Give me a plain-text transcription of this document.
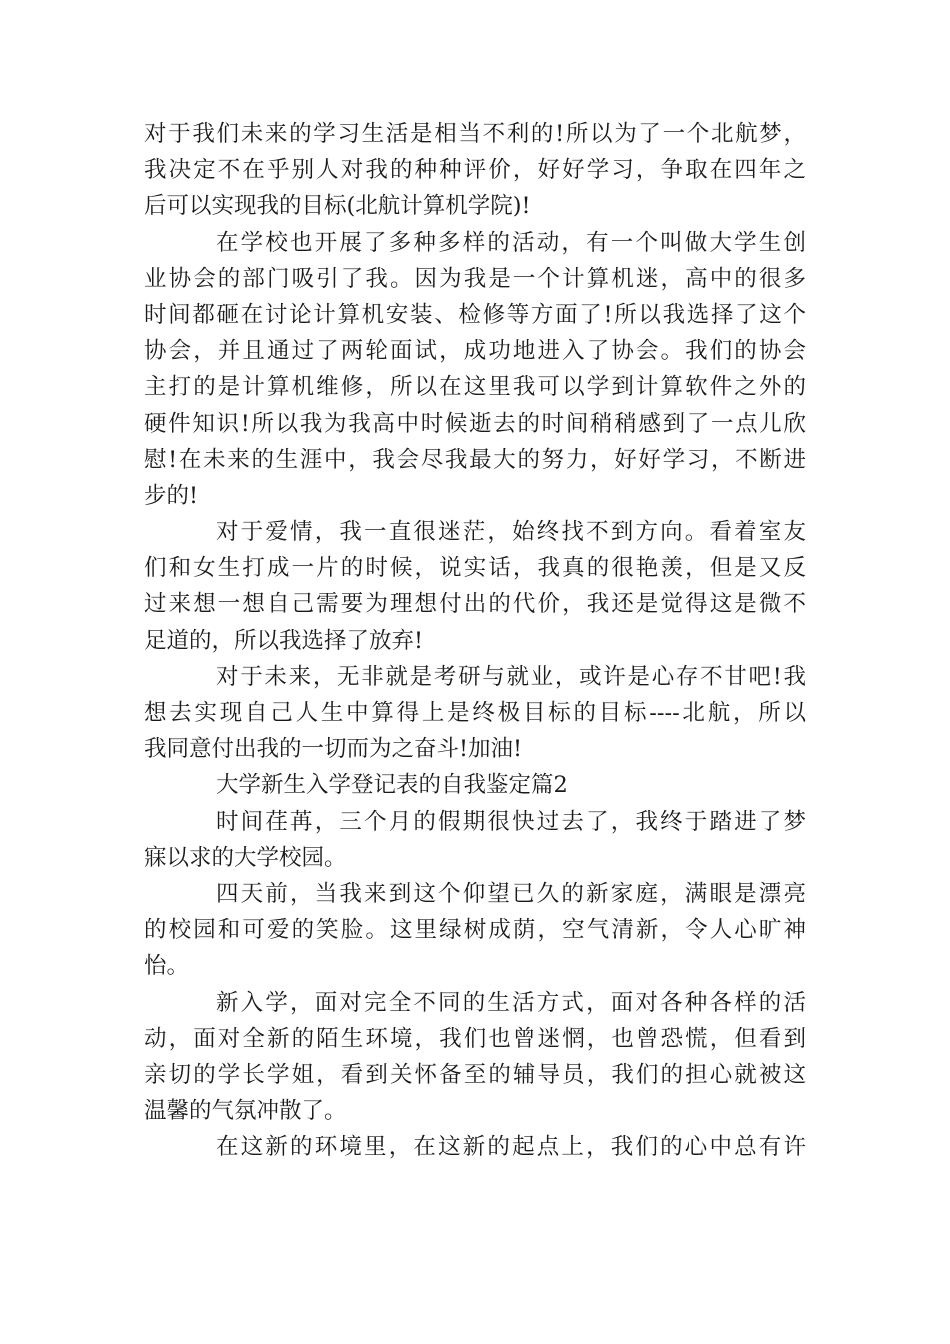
对于我们未来的学习生活是相当不利的!所以为了一个北航梦，
我决定不在乎别人对我的种种评价，好好学习，争取在四年之
后可以实现我的目标(北航计算机学院)!
在学校也开展了多种多样的活动，有一个叫做大学生创
业协会的部门吸引了我。因为我是一个计算机迷，高中的很多
时间都砸在讨论计算机安装、检修等方面了!所以我选择了这个
协会，并且通过了两轮面试，成功地进入了协会。我们的协会
主打的是计算机维修，所以在这里我可以学到计算软件之外的
硬件知识!所以我为我高中时候逝去的时间稍稍感到了一点儿欣
慰!在未来的生涯中，我会尽我最大的努力，好好学习，不断进
步的!
对于爱情，我一直很迷茫，始终找不到方向。看着室友
们和女生打成一片的时候，说实话，我真的很艳羡，但是又反
过来想一想自己需要为理想付出的代价，我还是觉得这是微不
足道的，所以我选择了放弃!
对于未来，无非就是考研与就业，或许是心存不甘吧!我
想去实现自己人生中算得上是终极目标的目标----北航，所以
我同意付出我的一切而为之奋斗!加油!
大学新生入学登记表的自我鉴定篇2
时间荏苒，三个月的假期很快过去了，我终于踏进了梦
寐以求的大学校园。
四天前，当我来到这个仰望已久的新家庭，满眼是漂亮
的校园和可爱的笑脸。这里绿树成荫，空气清新，令人心旷神
怡。
新入学，面对完全不同的生活方式，面对各种各样的活
动，面对全新的陌生环境，我们也曾迷惘，也曾恐慌，但看到
亲切的学长学姐，看到关怀备至的辅导员，我们的担心就被这
温馨的气氛冲散了。
在这新的环境里，在这新的起点上，我们的心中总有许
